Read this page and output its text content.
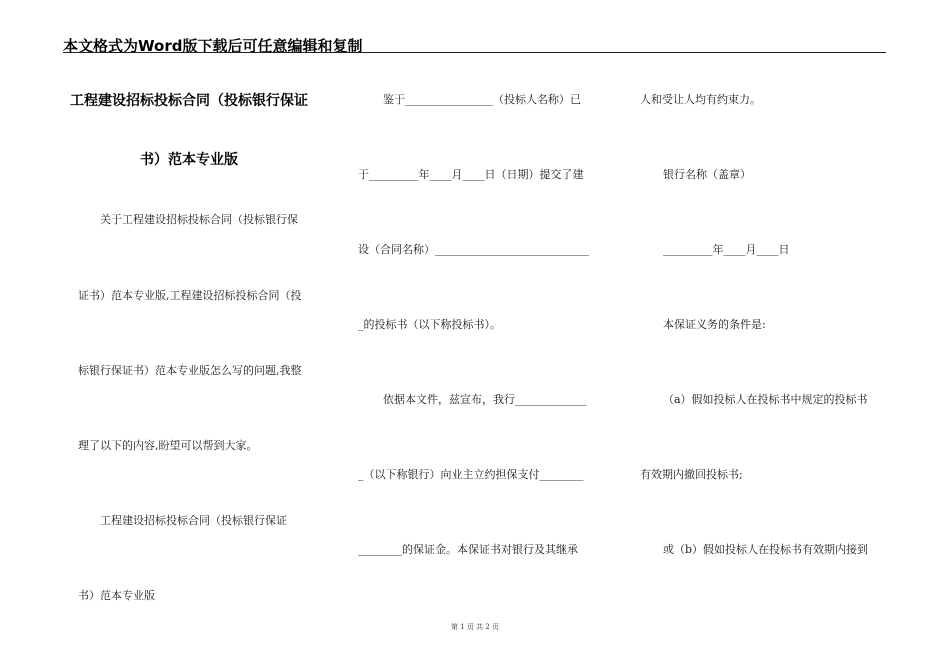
本文格式为Word版下载后可任意编辑和复制
工程建设招标投标合同（投标银行保证
书）范本专业版
关于工程建设招标投标合同（投标银行保
证书）范本专业版,工程建设招标投标合同（投
标银行保证书）范本专业版怎么写的问题,我整
理了以下的内容,盼望可以帮到大家。
工程建设招标投标合同（投标银行保证
书）范本专业版
鉴于________________（投标人名称）已
于_________年____月____日（日期）提交了建
设（合同名称）____________________________
_的投标书（以下称投标书）。
依据本文件，兹宣布，我行_____________
_（以下称银行）向业主立约担保支付________
________的保证金。本保证书对银行及其继承
人和受让人均有约束力。
银行名称（盖章）
_________年____月____日
本保证义务的条件是:
（a）假如投标人在投标书中规定的投标书
有效期内撤回投标书;
或（b）假如投标人在投标书有效期内接到
第 1 页 共 2 页
